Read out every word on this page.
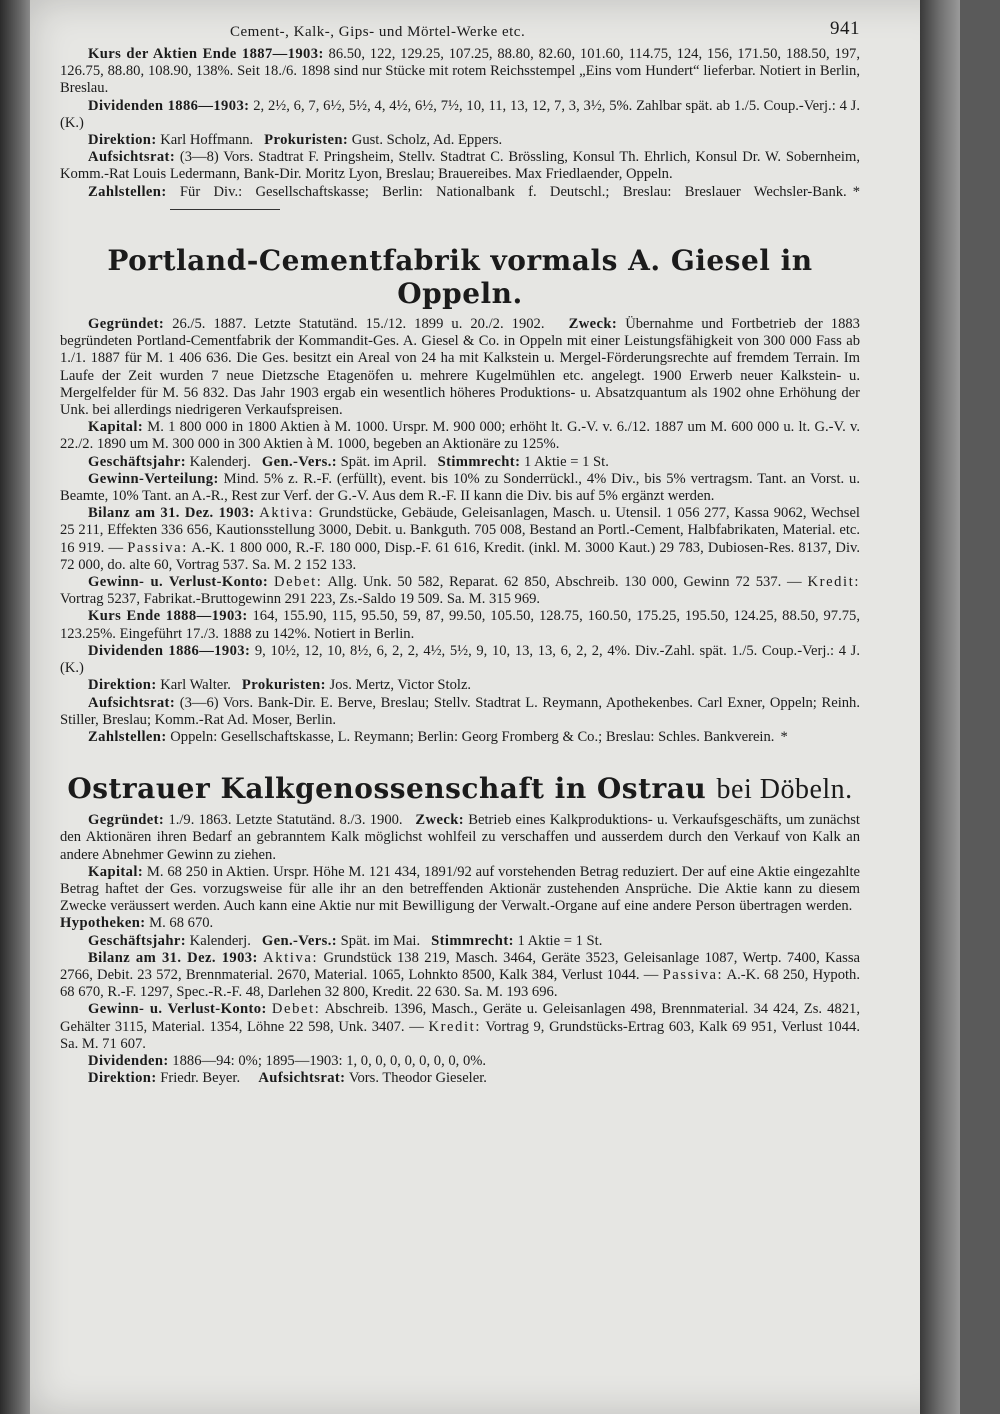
Cement-, Kalk-, Gips- und Mörtel-Werke etc.	941

Kurs der Aktien Ende 1887—1903: 86.50, 122, 129.25, 107.25, 88.80, 82.60, 101.60, 114.75, 124, 156, 171.50, 188.50, 197, 126.75, 88.80, 108.90, 138%. Seit 18./6. 1898 sind nur Stücke mit rotem Reichsstempel „Eins vom Hundert“ lieferbar. Notiert in Berlin, Breslau.

Dividenden 1886—1903: 2, 2½, 6, 7, 6½, 5½, 4, 4½, 6½, 7½, 10, 11, 13, 12, 7, 3, 3½, 5%. Zahlbar spät. ab 1./5. Coup.-Verj.: 4 J. (K.)

Direktion: Karl Hoffmann. Prokuristen: Gust. Scholz, Ad. Eppers.

Aufsichtsrat: (3—8) Vors. Stadtrat F. Pringsheim, Stellv. Stadtrat C. Brössling, Konsul Th. Ehrlich, Konsul Dr. W. Sobernheim, Komm.-Rat Louis Ledermann, Bank-Dir. Moritz Lyon, Breslau; Brauereibes. Max Friedlaender, Oppeln.

Zahlstellen: Für Div.: Gesellschaftskasse; Berlin: Nationalbank f. Deutschl.; Breslau: Breslauer Wechsler-Bank. *

Portland-Cementfabrik vormals A. Giesel in Oppeln.

Gegründet: 26./5. 1887. Letzte Statutänd. 15./12. 1899 u. 20./2. 1902. Zweck: Übernahme und Fortbetrieb der 1883 begründeten Portland-Cementfabrik der Kommandit-Ges. A. Giesel & Co. in Oppeln mit einer Leistungsfähigkeit von 300 000 Fass ab 1./1. 1887 für M. 1 406 636. Die Ges. besitzt ein Areal von 24 ha mit Kalkstein u. Mergel-Förderungsrechte auf fremdem Terrain. Im Laufe der Zeit wurden 7 neue Dietzsche Etagenöfen u. mehrere Kugelmühlen etc. angelegt. 1900 Erwerb neuer Kalkstein- u. Mergelfelder für M. 56 832. Das Jahr 1903 ergab ein wesentlich höheres Produktions- u. Absatzquantum als 1902 ohne Erhöhung der Unk. bei allerdings niedrigeren Verkaufspreisen.

Kapital: M. 1 800 000 in 1800 Aktien à M. 1000. Urspr. M. 900 000; erhöht lt. G.-V. v. 6./12. 1887 um M. 600 000 u. lt. G.-V. v. 22./2. 1890 um M. 300 000 in 300 Aktien à M. 1000, begeben an Aktionäre zu 125%.

Geschäftsjahr: Kalenderj. Gen.-Vers.: Spät. im April. Stimmrecht: 1 Aktie = 1 St.

Gewinn-Verteilung: Mind. 5% z. R.-F. (erfüllt), event. bis 10% zu Sonderrückl., 4% Div., bis 5% vertragsm. Tant. an Vorst. u. Beamte, 10% Tant. an A.-R., Rest zur Verf. der G.-V. Aus dem R.-F. II kann die Div. bis auf 5% ergänzt werden.

Bilanz am 31. Dez. 1903: Aktiva: Grundstücke, Gebäude, Geleisanlagen, Masch. u. Utensil. 1 056 277, Kassa 9062, Wechsel 25 211, Effekten 336 656, Kautionsstellung 3000, Debit. u. Bankguth. 705 008, Bestand an Portl.-Cement, Halbfabrikaten, Material. etc. 16 919. — Passiva: A.-K. 1 800 000, R.-F. 180 000, Disp.-F. 61 616, Kredit. (inkl. M. 3000 Kaut.) 29 783, Dubiosen-Res. 8137, Div. 72 000, do. alte 60, Vortrag 537. Sa. M. 2 152 133.

Gewinn- u. Verlust-Konto: Debet: Allg. Unk. 50 582, Reparat. 62 850, Abschreib. 130 000, Gewinn 72 537. — Kredit: Vortrag 5237, Fabrikat.-Bruttogewinn 291 223, Zs.-Saldo 19 509. Sa. M. 315 969.

Kurs Ende 1888—1903: 164, 155.90, 115, 95.50, 59, 87, 99.50, 105.50, 128.75, 160.50, 175.25, 195.50, 124.25, 88.50, 97.75, 123.25%. Eingeführt 17./3. 1888 zu 142%. Notiert in Berlin.

Dividenden 1886—1903: 9, 10½, 12, 10, 8½, 6, 2, 2, 4½, 5½, 9, 10, 13, 13, 6, 2, 2, 4%. Div.-Zahl. spät. 1./5. Coup.-Verj.: 4 J. (K.)

Direktion: Karl Walter. Prokuristen: Jos. Mertz, Victor Stolz.

Aufsichtsrat: (3—6) Vors. Bank-Dir. E. Berve, Breslau; Stellv. Stadtrat L. Reymann, Apothekenbes. Carl Exner, Oppeln; Reinh. Stiller, Breslau; Komm.-Rat Ad. Moser, Berlin.

Zahlstellen: Oppeln: Gesellschaftskasse, L. Reymann; Berlin: Georg Fromberg & Co.; Breslau: Schles. Bankverein. *

Ostrauer Kalkgenossenschaft in Ostrau bei Döbeln.

Gegründet: 1./9. 1863. Letzte Statutänd. 8./3. 1900. Zweck: Betrieb eines Kalkproduktions- u. Verkaufsgeschäfts, um zunächst den Aktionären ihren Bedarf an gebranntem Kalk möglichst wohlfeil zu verschaffen und ausserdem durch den Verkauf von Kalk an andere Abnehmer Gewinn zu ziehen.

Kapital: M. 68 250 in Aktien. Urspr. Höhe M. 121 434, 1891/92 auf vorstehenden Betrag reduziert. Der auf eine Aktie eingezahlte Betrag haftet der Ges. vorzugsweise für alle ihr an den betreffenden Aktionär zustehenden Ansprüche. Die Aktie kann zu diesem Zwecke veräussert werden. Auch kann eine Aktie nur mit Bewilligung der Verwalt.-Organe auf eine andere Person übertragen werden.   Hypotheken: M. 68 670.

Geschäftsjahr: Kalenderj. Gen.-Vers.: Spät. im Mai. Stimmrecht: 1 Aktie = 1 St.

Bilanz am 31. Dez. 1903: Aktiva: Grundstück 138 219, Masch. 3464, Geräte 3523, Geleisanlage 1087, Wertp. 7400, Kassa 2766, Debit. 23 572, Brennmaterial. 2670, Material. 1065, Lohnkto 8500, Kalk 384, Verlust 1044. — Passiva: A.-K. 68 250, Hypoth. 68 670, R.-F. 1297, Spec.-R.-F. 48, Darlehen 32 800, Kredit. 22 630. Sa. M. 193 696.

Gewinn- u. Verlust-Konto: Debet: Abschreib. 1396, Masch., Geräte u. Geleisanlagen 498, Brennmaterial. 34 424, Zs. 4821, Gehälter 3115, Material. 1354, Löhne 22 598, Unk. 3407. — Kredit: Vortrag 9, Grundstücks-Ertrag 603, Kalk 69 951, Verlust 1044. Sa. M. 71 607.

Dividenden: 1886—94: 0%; 1895—1903: 1, 0, 0, 0, 0, 0, 0, 0, 0%.

Direktion: Friedr. Beyer. Aufsichtsrat: Vors. Theodor Gieseler.
